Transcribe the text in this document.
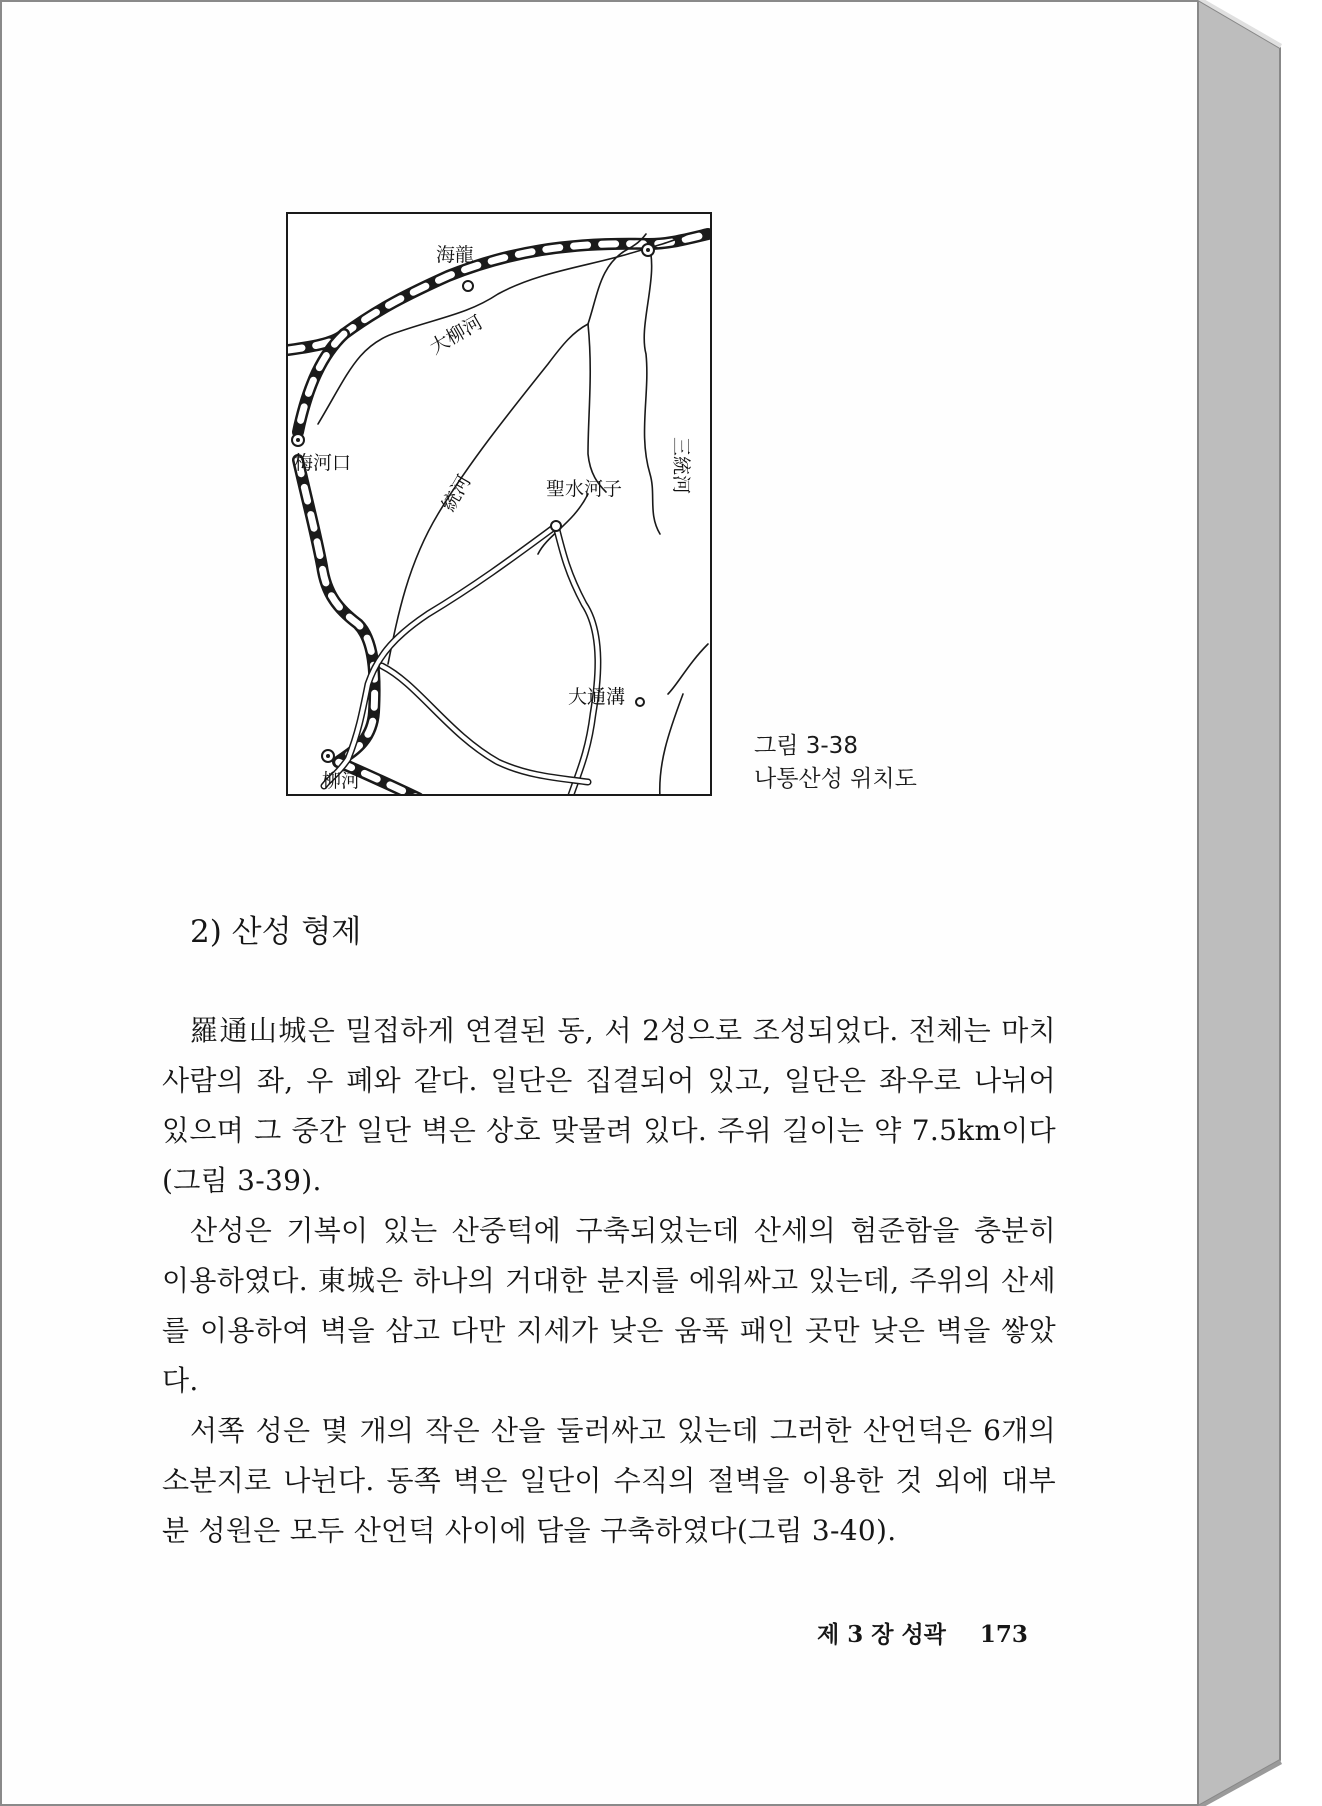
海龍
大柳河
梅河口
統河	聖水河子	三統河
大通溝
柳河
그림 3-38
나통산성 위치도
2) 산성 형제

羅通山城은 밀접하게 연결된 동, 서 2성으로 조성되었다. 전체는 마치 사람의 좌, 우 폐와 같다. 일단은 집결되어 있고, 일단은 좌우로 나뉘어 있으며 그 중간 일단 벽은 상호 맞물려 있다. 주위 길이는 약 7.5km이다(그림 3-39).

산성은 기복이 있는 산중턱에 구축되었는데 산세의 험준함을 충분히 이용하였다. 東城은 하나의 거대한 분지를 에워싸고 있는데, 주위의 산세를 이용하여 벽을 삼고 다만 지세가 낮은 움푹 패인 곳만 낮은 벽을 쌓았다.

서쪽 성은 몇 개의 작은 산을 둘러싸고 있는데 그러한 산언덕은 6개의 소분지로 나뉜다. 동쪽 벽은 일단이 수직의 절벽을 이용한 것 외에 대부분 성원은 모두 산언덕 사이에 담을 구축하였다(그림 3-40).

제 3 장 성곽 173
